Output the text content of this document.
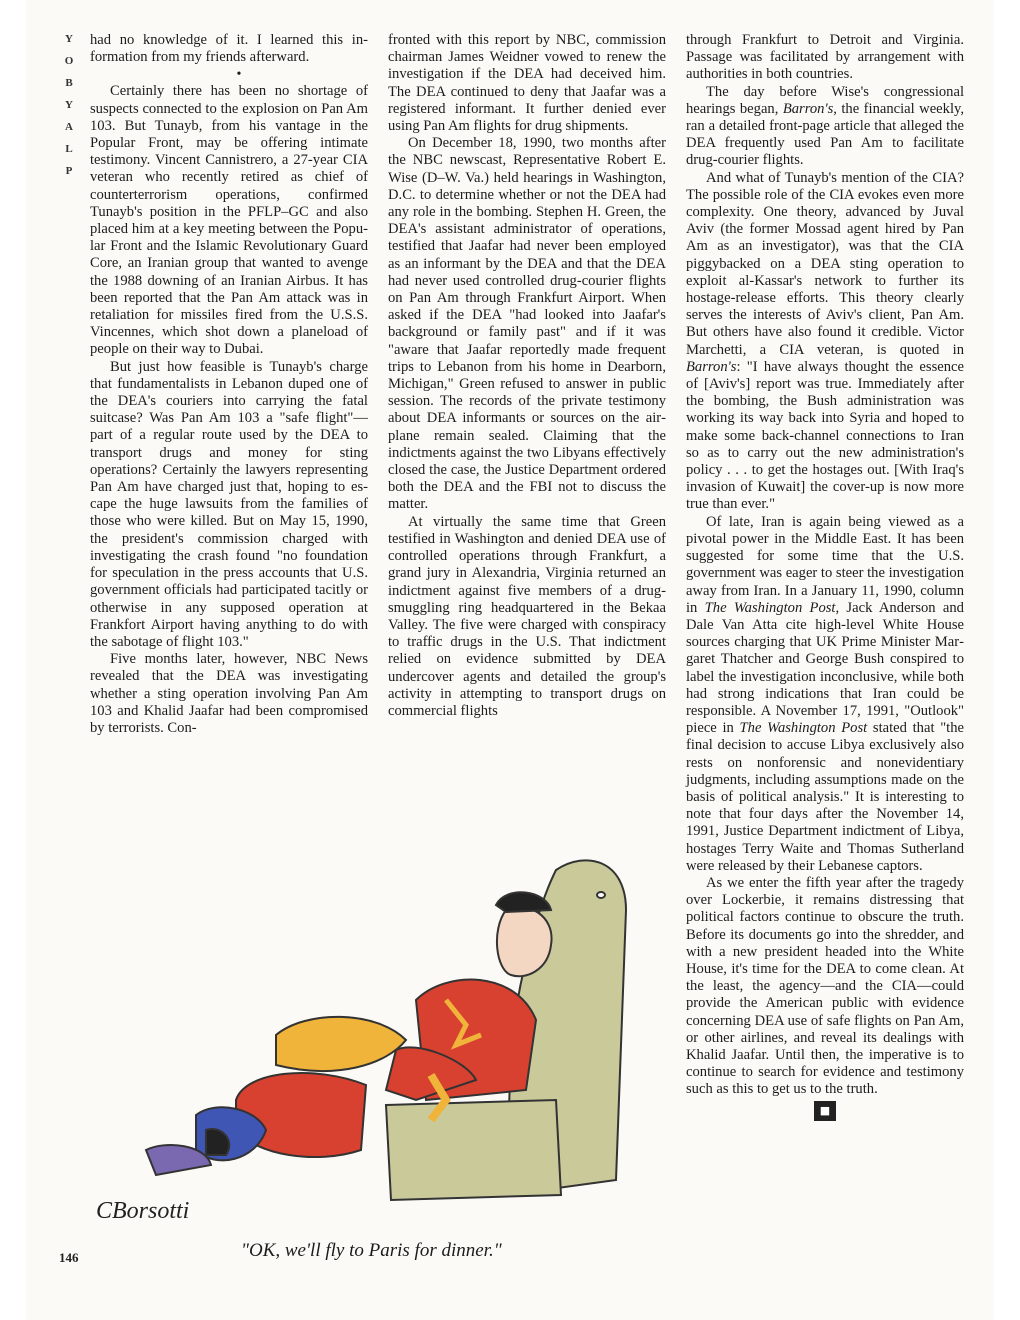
Y
O
B
Y
A
L
P

had no knowledge of it. I learned this information from my friends afterward.

•

Certainly there has been no shortage of suspects connected to the explosion on Pan Am 103. But Tunayb, from his vantage in the Popular Front, may be offering intimate testimony. Vincent Cannistrero, a 27-year CIA veteran who recently retired as chief of counterterrorism operations, confirmed Tunayb's position in the PFLP–GC and also placed him at a key meeting between the Popular Front and the Islamic Revolutionary Guard Core, an Iranian group that wanted to avenge the 1988 downing of an Iranian Airbus. It has been reported that the Pan Am attack was in retaliation for missiles fired from the U.S.S. Vincennes, which shot down a planeload of people on their way to Dubai.

But just how feasible is Tunayb's charge that fundamentalists in Lebanon duped one of the DEA's couriers into carrying the fatal suitcase? Was Pan Am 103 a "safe flight"—part of a regular route used by the DEA to transport drugs and money for sting operations? Certainly the lawyers representing Pan Am have charged just that, hoping to escape the huge lawsuits from the families of those who were killed. But on May 15, 1990, the president's commission charged with investigating the crash found "no foundation for speculation in the press accounts that U.S. government officials had participated tacitly or otherwise in any supposed operation at Frankfort Airport having anything to do with the sabotage of flight 103."

Five months later, however, NBC News revealed that the DEA was investigating whether a sting operation involving Pan Am 103 and Khalid Jaafar had been compromised by terrorists. Con-

fronted with this report by NBC, commission chairman James Weidner vowed to renew the investigation if the DEA had deceived him. The DEA continued to deny that Jaafar was a registered informant. It further denied ever using Pan Am flights for drug shipments.

On December 18, 1990, two months after the NBC newscast, Representative Robert E. Wise (D–W. Va.) held hearings in Washington, D.C. to determine whether or not the DEA had any role in the bombing. Stephen H. Green, the DEA's assistant administrator of operations, testified that Jaafar had never been employed as an informant by the DEA and that the DEA had never used controlled drug-courier flights on Pan Am through Frankfurt Airport. When asked if the DEA "had looked into Jaafar's background or family past" and if it was "aware that Jaafar reportedly made frequent trips to Lebanon from his home in Dearborn, Michigan," Green refused to answer in public session. The records of the private testimony about DEA informants or sources on the airplane remain sealed. Claiming that the indictments against the two Libyans effectively closed the case, the Justice Department ordered both the DEA and the FBI not to discuss the matter.

At virtually the same time that Green testified in Washington and denied DEA use of controlled operations through Frankfurt, a grand jury in Alexandria, Virginia returned an indictment against five members of a drug-smuggling ring headquartered in the Bekaa Valley. The five were charged with conspiracy to traffic drugs in the U.S. That indictment relied on evidence submitted by DEA undercover agents and detailed the group's activity in attempting to transport drugs on commercial flights

through Frankfurt to Detroit and Virginia. Passage was facilitated by arrangement with authorities in both countries.

The day before Wise's congressional hearings began, Barron's, the financial weekly, ran a detailed front-page article that alleged the DEA frequently used Pan Am to facilitate drug-courier flights.

And what of Tunayb's mention of the CIA? The possible role of the CIA evokes even more complexity. One theory, advanced by Juval Aviv (the former Mossad agent hired by Pan Am as an investigator), was that the CIA piggybacked on a DEA sting operation to exploit al-Kassar's network to further its hostage-release efforts. This theory clearly serves the interests of Aviv's client, Pan Am. But others have also found it credible. Victor Marchetti, a CIA veteran, is quoted in Barron's: "I have always thought the essence of [Aviv's] report was true. Immediately after the bombing, the Bush administration was working its way back into Syria and hoped to make some back-channel connections to Iran so as to carry out the new administration's policy . . . to get the hostages out. [With Iraq's invasion of Kuwait] the cover-up is now more true than ever."

Of late, Iran is again being viewed as a pivotal power in the Middle East. It has been suggested for some time that the U.S. government was eager to steer the investigation away from Iran. In a January 11, 1990, column in The Washington Post, Jack Anderson and Dale Van Atta cite high-level White House sources charging that UK Prime Minister Margaret Thatcher and George Bush conspired to label the investigation inconclusive, while both had strong indications that Iran could be responsible. A November 17, 1991, "Outlook" piece in The Washington Post stated that "the final decision to accuse Libya exclusively also rests on nonforensic and nonevidentiary judgments, including assumptions made on the basis of political analysis." It is interesting to note that four days after the November 14, 1991, Justice Department indictment of Libya, hostages Terry Waite and Thomas Sutherland were released by their Lebanese captors.

As we enter the fifth year after the tragedy over Lockerbie, it remains distressing that political factors continue to obscure the truth. Before its documents go into the shredder, and with a new president headed into the White House, it's time for the DEA to come clean. At the least, the agency—and the CIA—could provide the American public with evidence concerning DEA use of safe flights on Pan Am, or other airlines, and reveal its dealings with Khalid Jaafar. Until then, the imperative is to continue to search for evidence and testimony such as this to get us to the truth.

■
CBorsotti
"OK, we'll fly to Paris for dinner."
146
